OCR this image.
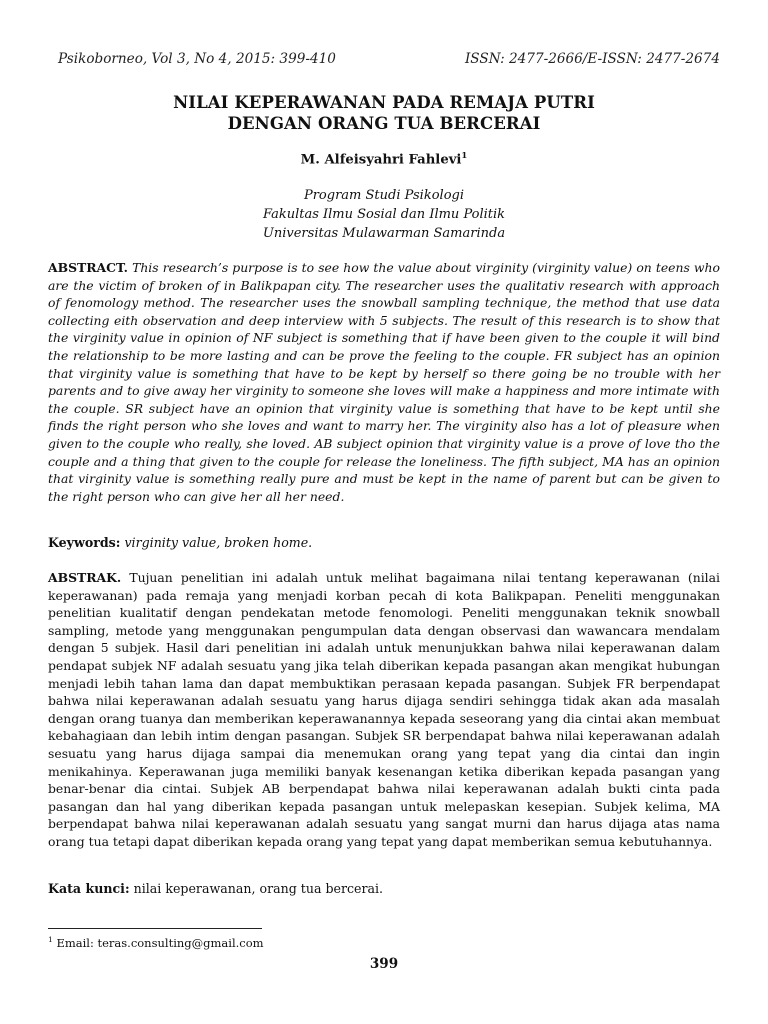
Psikoborneo, Vol 3, No 4, 2015: 399-410	ISSN: 2477-2666/E-ISSN: 2477-2674
NILAI KEPERAWANAN PADA REMAJA PUTRI
DENGAN ORANG TUA BERCERAI
M. Alfeisyahri Fahlevi$^1$
Program Studi Psikologi
Fakultas Ilmu Sosial dan Ilmu Politik
Universitas Mulawarman Samarinda
ABSTRACT. This research’s purpose is to see how the value about virginity (virginity value) on teens who are the victim of broken of in Balikpapan city. The researcher uses the qualitativ research with approach of fenomology method. The researcher uses the snowball sampling technique, the method that use data collecting eith observation and deep interview with 5 subjects. The result of this research is to show that the virginity value in opinion of NF subject is something that if have been given to the couple it will bind the relationship to be more lasting and can be prove the feeling to the couple. FR subject has an opinion that virginity value is something that have to be kept by herself so there going be no trouble with her parents and to give away her virginity to someone she loves will make a happiness and more intimate with the couple. SR subject have an opinion that virginity value is something that have to be kept until she finds the right person who she loves and want to marry her. The virginity also has a lot of pleasure when given to the couple who really, she loved. AB subject opinion that virginity value is a prove of love tho the couple and a thing that given to the couple for release the loneliness. The fifth subject, MA has an opinion that virginity value is something really pure and must be kept in the name of parent but can be given to the right person who can give her all her need.
Keywords: virginity value, broken home.
ABSTRAK. Tujuan penelitian ini adalah untuk melihat bagaimana nilai tentang keperawanan (nilai keperawanan) pada remaja yang menjadi korban pecah di kota Balikpapan. Peneliti menggunakan penelitian kualitatif dengan pendekatan metode fenomologi. Peneliti menggunakan teknik snowball sampling, metode yang menggunakan pengumpulan data dengan observasi dan wawancara mendalam dengan 5 subjek. Hasil dari penelitian ini adalah untuk menunjukkan bahwa nilai keperawanan dalam pendapat subjek NF adalah sesuatu yang jika telah diberikan kepada pasangan akan mengikat hubungan menjadi lebih tahan lama dan dapat membuktikan perasaan kepada pasangan. Subjek FR berpendapat bahwa nilai keperawanan adalah sesuatu yang harus dijaga sendiri sehingga tidak akan ada masalah dengan orang tuanya dan memberikan keperawanannya kepada seseorang yang dia cintai akan membuat kebahagiaan dan lebih intim dengan pasangan. Subjek SR berpendapat bahwa nilai keperawanan adalah sesuatu yang harus dijaga sampai dia menemukan orang yang tepat yang dia cintai dan ingin menikahinya. Keperawanan juga memiliki banyak kesenangan ketika diberikan kepada pasangan yang benar-benar dia cintai. Subjek AB berpendapat bahwa nilai keperawanan adalah bukti cinta pada pasangan dan hal yang diberikan kepada pasangan untuk melepaskan kesepian. Subjek kelima, MA berpendapat bahwa nilai keperawanan adalah sesuatu yang sangat murni dan harus dijaga atas nama orang tua tetapi dapat diberikan kepada orang yang tepat yang dapat memberikan semua kebutuhannya.
Kata kunci: nilai keperawanan, orang tua bercerai.
$^1$ Email: teras.consulting@gmail.com
399
